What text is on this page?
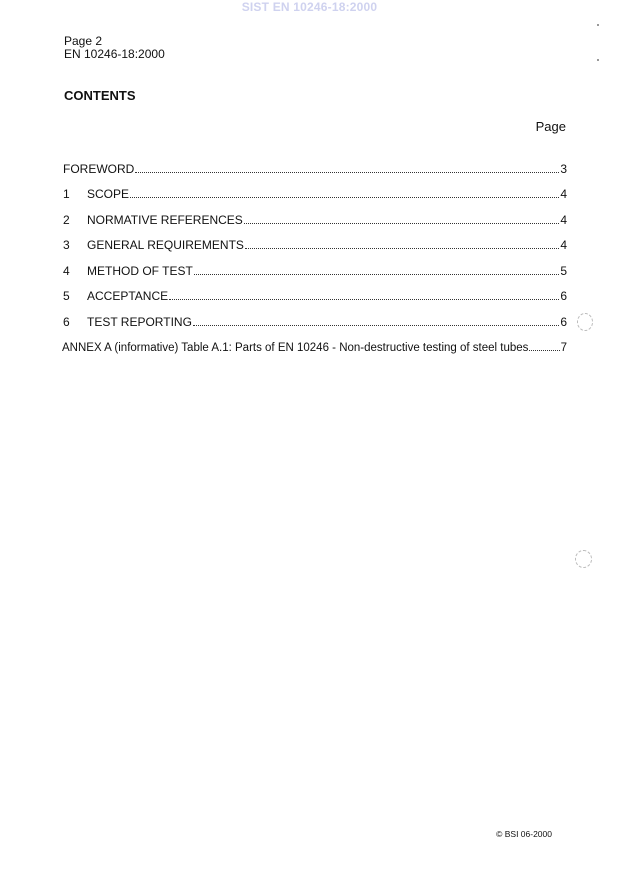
SIST EN 10246-18:2000
Page 2
EN 10246-18:2000
CONTENTS
Page
FOREWORD	3
1	SCOPE	4
2	NORMATIVE REFERENCES	4
3	GENERAL REQUIREMENTS	4
4	METHOD OF TEST	5
5	ACCEPTANCE	6
6	TEST REPORTING	6
ANNEX A (informative) Table A.1: Parts of EN 10246 - Non-destructive testing of steel tubes	7
© BSI 06-2000
